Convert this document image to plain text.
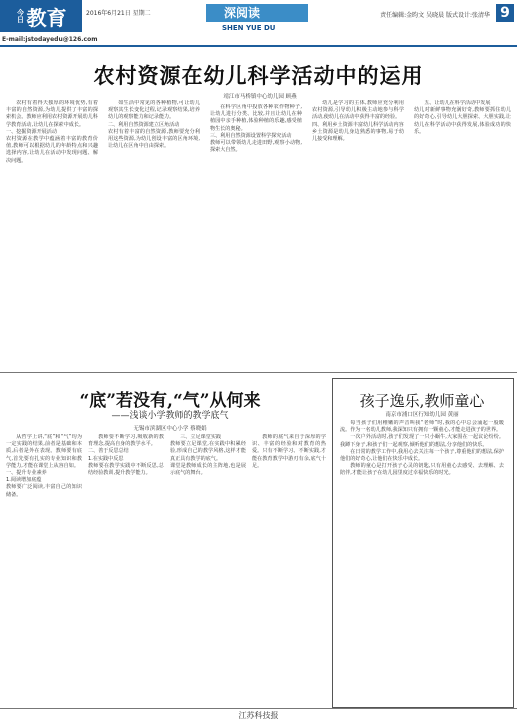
今日 教育	2016年6月21日 星期二
E-mail:jstodayedu@126.com
深阅读
SHEN YUE DU
责任编辑:金昀文 吴晓晨 版式设计:张清华 9
农村资源在幼儿科学活动中的运用
靖江市马桥镇中心幼儿园 顾燕

农村有着得天独厚的环境优势,有着丰富的自然资源,为幼儿提供了丰富的探索机会。教师应利用农村资源开展幼儿科学教育活动,让幼儿在探索中成长。
一、挖掘资源开展活动
农村资源在教学中蕴涵着丰富的教育价值,教师可以根据幼儿的年龄特点和兴趣选择内容,让幼儿在活动中发现问题、解决问题。

如生活中常见的各种植物,可让幼儿观察其生长变化过程,记录观察结果,培养幼儿的观察能力和记录能力。
二、利用自然资源建立区角活动
农村有着丰富的自然资源,教师要充分利用这些资源,为幼儿创设丰富的区角环境,让幼儿在区角中自由探索。

在科学区角中投放各种农作物种子,让幼儿进行分类、比较,并且让幼儿在种植园中亲手种植,体验种植的乐趣,感受植物生长的奥秘。
三、利用自然资源设置科学探究活动
教师可以带领幼儿走进田野,观察小动物,探索大自然。

幼儿是学习的主体,教师应充分利用农村资源,引导幼儿积极主动地参与科学活动,使幼儿在活动中获得丰富的经验。
四、利用乡土资源丰富幼儿科学活动内容
乡土资源是幼儿身边熟悉的事物,易于幼儿接受和理解。

五、让幼儿在科学活动中发展
幼儿对新鲜事物充满好奇,教师要抓住幼儿的好奇心,引导幼儿大胆探索、大胆实践,让幼儿在科学活动中获得发展,体验成功的快乐。

“底”若没有,“气”从何来
——浅谈小学教师的教学底气
无锡市滨湖区中心小学 蔡晓娟

从哲学上讲,“底”和“气”均为一定实践的结果,前者是基础和本质,后者是外在表现。教师要有底气,首先要有扎实的专业知识和教学能力,才能在课堂上从容自如。
一、提升专业素养
1.阅读增加底蕴
教师要广泛阅读,丰富自己的知识储备。

教师要不断学习,吸收新的教育理念,提高自身的教学水平。
二、善于反思总结
1.在实践中反思
教师要在教学实践中不断反思,总结经验教训,提升教学能力。

三、立足课堂实践
教师要立足课堂,在实践中积累经验,形成自己的教学风格,这样才能真正具有教学的底气。
课堂是教师成长的主阵地,也是展示底气的舞台。

教师的底气来自于深厚的学识、丰富的经验和对教育的热爱。只有不断学习、不断实践,才能在教育教学中游刃有余,底气十足。

孩子逸乐,教师童心
南京市浦口区行知幼儿园 黄丽

每当孩子们用稚嫩的声音叫我“老师”时,我的心中总会涌起一股暖流。作为一名幼儿教师,我深知只有拥有一颗童心,才能走进孩子的世界。

一次户外活动时,孩子们发现了一只小蜗牛,大家围在一起议论纷纷。我蹲下身子,和孩子们一起观察,倾听他们的想法,分享他们的快乐。

在日常的教学工作中,我用心去关注每一个孩子,尊重他们的想法,保护他们的好奇心,让他们在快乐中成长。

教师的童心是打开孩子心灵的钥匙,只有用童心去感受、去理解、去陪伴,才能让孩子在幼儿园里度过幸福快乐的时光。

江苏科技报
